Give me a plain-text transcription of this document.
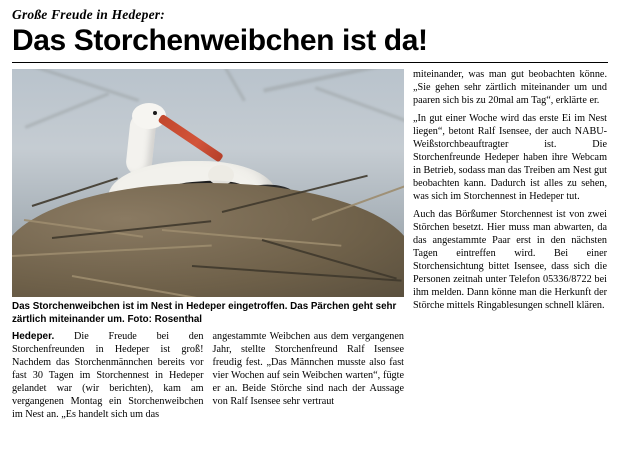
Große Freude in Hedeper:
Das Storchenweibchen ist da!
Das Storchenweibchen ist im Nest in Hedeper eingetroffen. Das Pärchen geht sehr zärtlich miteinander um. Foto: Rosenthal

Hedeper. Die Freude bei den Storchenfreunden in Hedeper ist groß! Nachdem das Storchenmännchen bereits vor fast 30 Tagen im Storchennest in Hedeper gelandet war (wir berichten), kam am vergangenen Montag ein Storchenweibchen im Nest an. „Es handelt sich um das

angestammte Weibchen aus dem vergangenen Jahr, stellte Storchenfreund Ralf Isensee freudig fest. „Das Männchen musste also fast vier Wochen auf sein Weibchen warten“, fügte er an. Beide Störche sind nach der Aussage von Ralf Isensee sehr vertraut

miteinander, was man gut beobachten könne. „Sie gehen sehr zärtlich miteinander um und paaren sich bis zu 20mal am Tag“, erklärte er.

„In gut einer Woche wird das erste Ei im Nest liegen“, betont Ralf Isensee, der auch NABU-Weißstorchbeauftragter ist. Die Storchenfreunde Hedeper haben ihre Webcam in Betrieb, sodass man das Treiben am Nest gut beobachten kann. Dadurch ist alles zu sehen, was sich im Storchennest in Hedeper tut.

Auch das Börßumer Storchennest ist von zwei Störchen besetzt. Hier muss man abwarten, da das angestammte Paar erst in den nächsten Tagen eintreffen wird. Bei einer Storchensichtung bittet Isensee, dass sich die Personen zeitnah unter Telefon 05336/8722 bei ihm melden. Dann könne man die Herkunft der Störche mittels Ringablesungen schnell klären.
